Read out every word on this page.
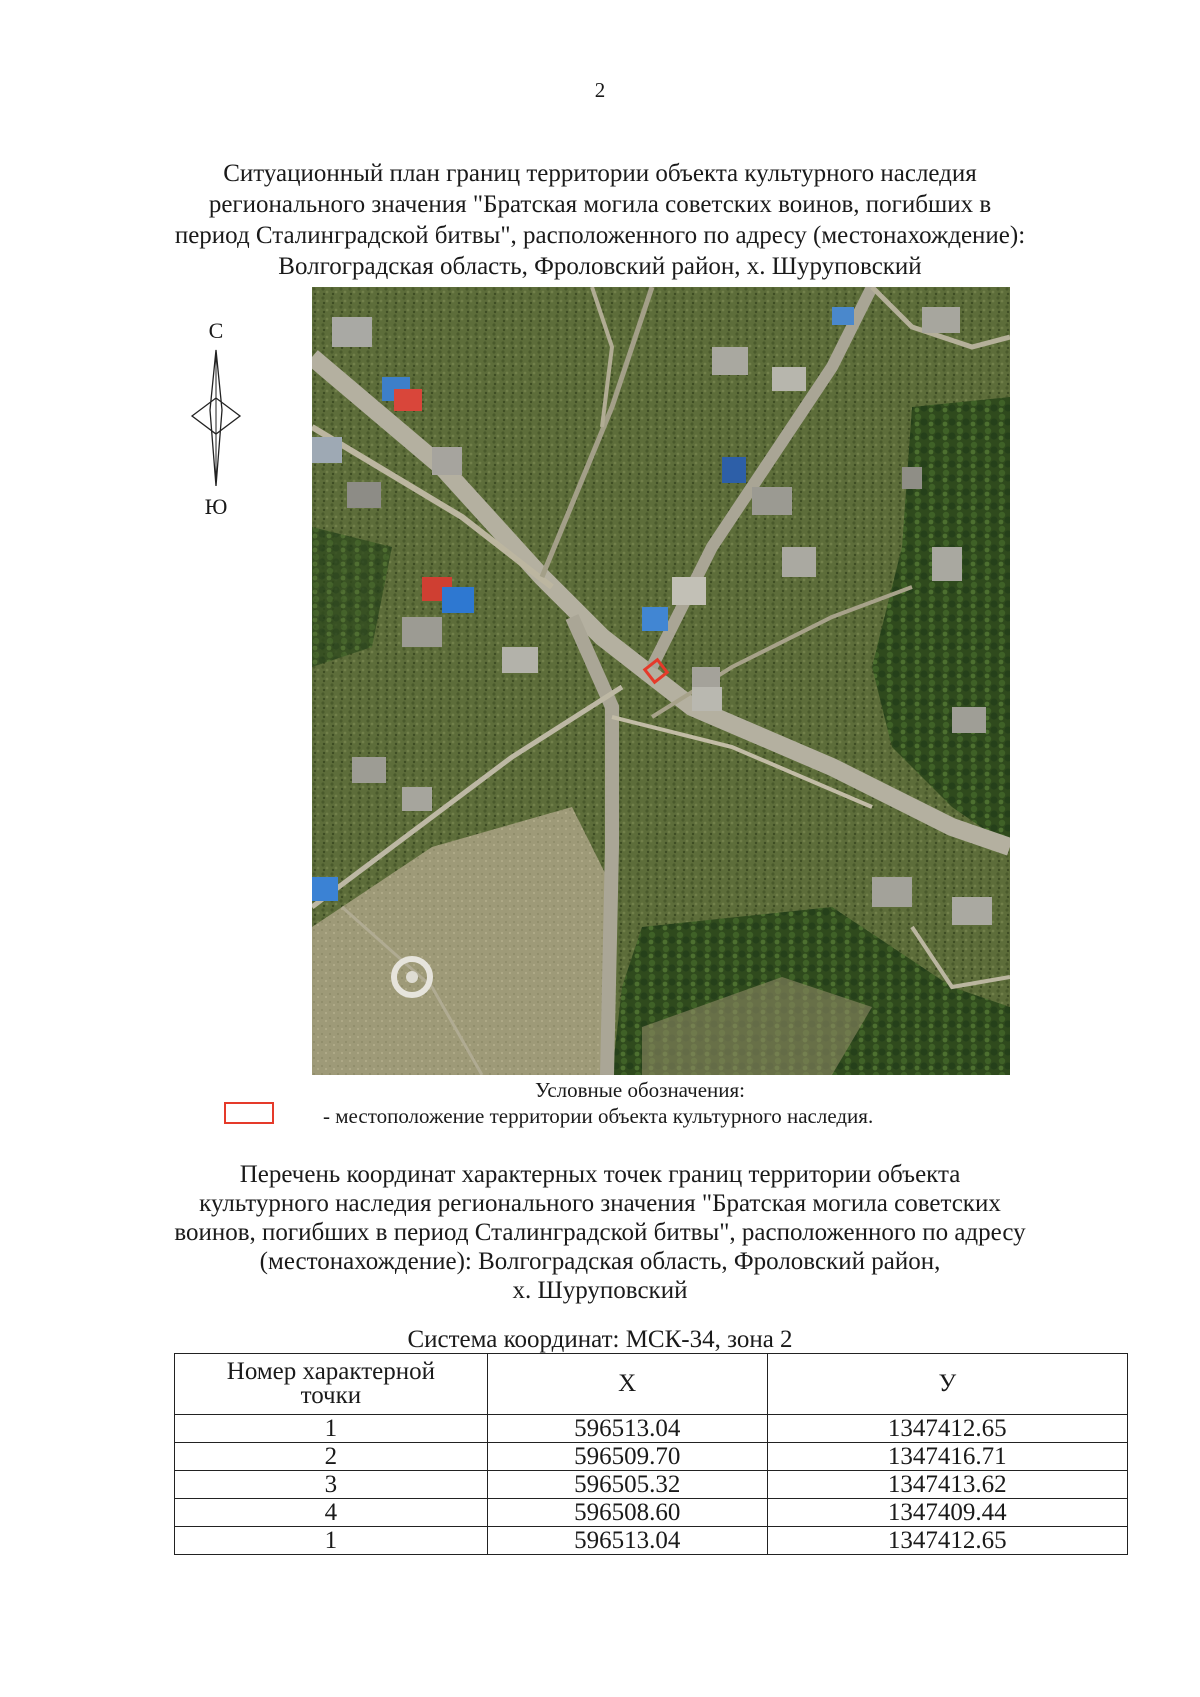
2
Ситуационный план границ территории объекта культурного наследия
регионального значения "Братская могила советских воинов, погибших в
период Сталинградской битвы", расположенного по адресу (местонахождение):
Волгоградская область, Фроловский район, х. Шуруповский
С
Ю
Условные обозначения:
- местоположение территории объекта культурного наследия.
Перечень координат характерных точек границ территории объекта
культурного наследия регионального значения "Братская могила советских
воинов, погибших в период Сталинградской битвы", расположенного по адресу
(местонахождение): Волгоградская область, Фроловский район,
х. Шуруповский
Система координат: МСК-34, зона 2
Номер характерной
точки	X	У
1	596513.04	1347412.65
2	596509.70	1347416.71
3	596505.32	1347413.62
4	596508.60	1347409.44
1	596513.04	1347412.65
